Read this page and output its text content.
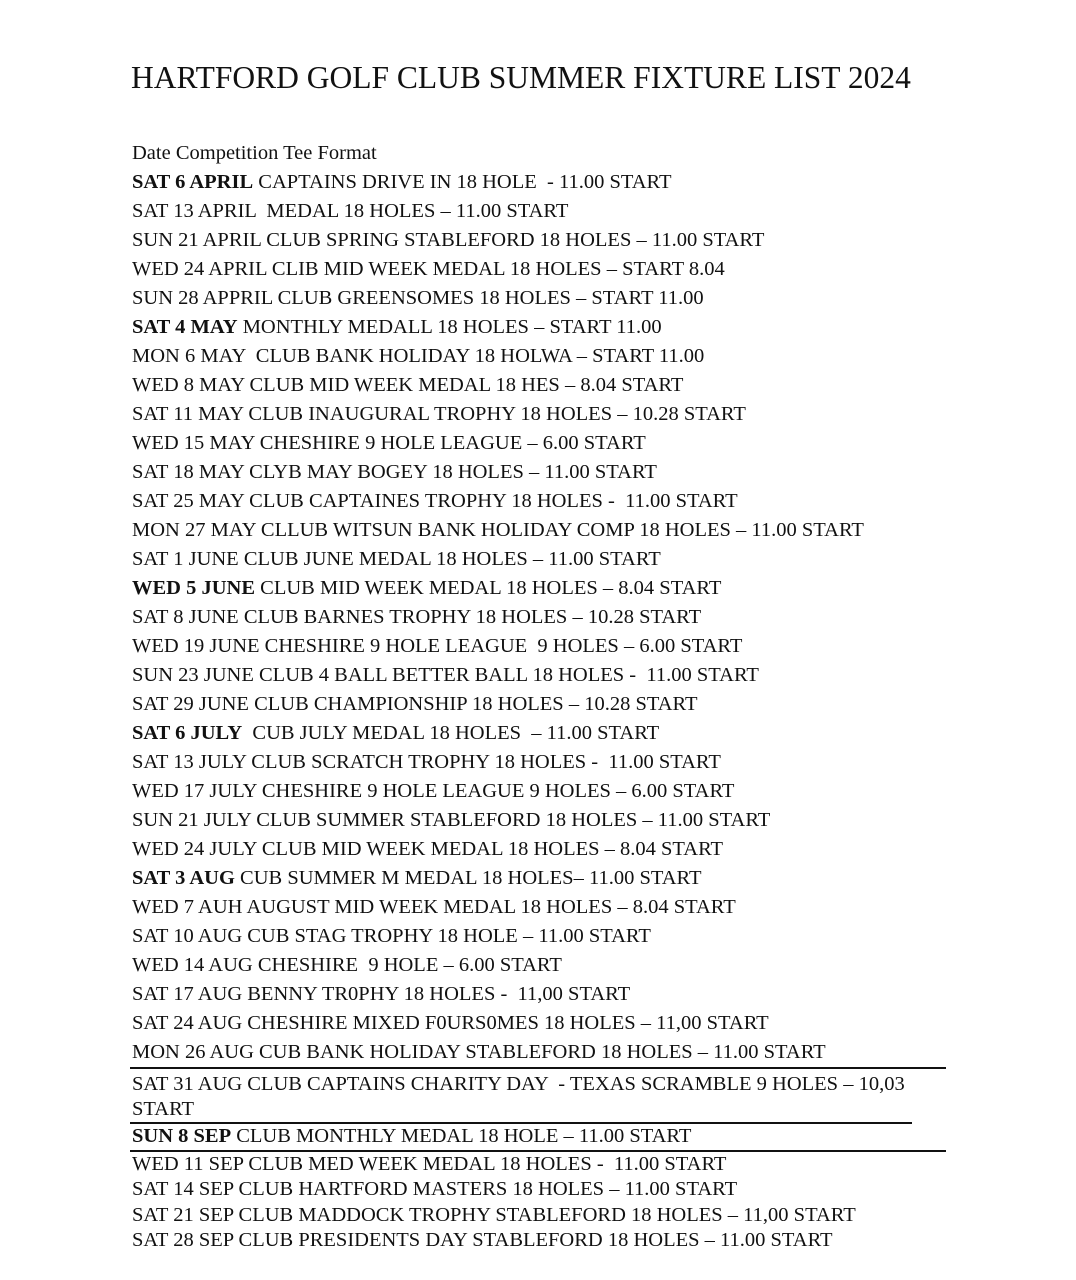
HARTFORD GOLF CLUB SUMMER FIXTURE LIST 2024
Date Competition Tee Format
SAT 6 APRIL CAPTAINS DRIVE IN 18 HOLE  - 11.00 START
SAT 13 APRIL  MEDAL 18 HOLES – 11.00 START
SUN 21 APRIL CLUB SPRING STABLEFORD 18 HOLES – 11.00 START
WED 24 APRIL CLIB MID WEEK MEDAL 18 HOLES – START 8.04
SUN 28 APPRIL CLUB GREENSOMES 18 HOLES – START 11.00
SAT 4 MAY MONTHLY MEDALL 18 HOLES – START 11.00
MON 6 MAY  CLUB BANK HOLIDAY 18 HOLWA – START 11.00
WED 8 MAY CLUB MID WEEK MEDAL 18 HES – 8.04 START
SAT 11 MAY CLUB INAUGURAL TROPHY 18 HOLES – 10.28 START
WED 15 MAY CHESHIRE 9 HOLE LEAGUE – 6.00 START
SAT 18 MAY CLYB MAY BOGEY 18 HOLES – 11.00 START
SAT 25 MAY CLUB CAPTAINES TROPHY 18 HOLES -  11.00 START
MON 27 MAY CLLUB WITSUN BANK HOLIDAY COMP 18 HOLES – 11.00 START
SAT 1 JUNE CLUB JUNE MEDAL 18 HOLES – 11.00 START
WED 5 JUNE CLUB MID WEEK MEDAL 18 HOLES – 8.04 START
SAT 8 JUNE CLUB BARNES TROPHY 18 HOLES – 10.28 START
WED 19 JUNE CHESHIRE 9 HOLE LEAGUE  9 HOLES – 6.00 START
SUN 23 JUNE CLUB 4 BALL BETTER BALL 18 HOLES -  11.00 START
SAT 29 JUNE CLUB CHAMPIONSHIP 18 HOLES – 10.28 START
SAT 6 JULY  CUB JULY MEDAL 18 HOLES  – 11.00 START
SAT 13 JULY CLUB SCRATCH TROPHY 18 HOLES -  11.00 START
WED 17 JULY CHESHIRE 9 HOLE LEAGUE 9 HOLES – 6.00 START
SUN 21 JULY CLUB SUMMER STABLEFORD 18 HOLES – 11.00 START
WED 24 JULY CLUB MID WEEK MEDAL 18 HOLES – 8.04 START
SAT 3 AUG CUB SUMMER M MEDAL 18 HOLES– 11.00 START
WED 7 AUH AUGUST MID WEEK MEDAL 18 HOLES – 8.04 START
SAT 10 AUG CUB STAG TROPHY 18 HOLE – 11.00 START
WED 14 AUG CHESHIRE  9 HOLE – 6.00 START
SAT 17 AUG BENNY TR0PHY 18 HOLES -  11,00 START
SAT 24 AUG CHESHIRE MIXED F0URS0MES 18 HOLES – 11,00 START
MON 26 AUG CUB BANK HOLIDAY STABLEFORD 18 HOLES – 11.00 START
SAT 31 AUG CLUB CAPTAINS CHARITY DAY  - TEXAS SCRAMBLE 9 HOLES – 10,03 START
SUN 8 SEP CLUB MONTHLY MEDAL 18 HOLE – 11.00 START
WED 11 SEP CLUB MED WEEK MEDAL 18 HOLES -  11.00 START
SAT 14 SEP CLUB HARTFORD MASTERS 18 HOLES – 11.00 START
SAT 21 SEP CLUB MADDOCK TROPHY STABLEFORD 18 HOLES – 11,00 START
SAT 28 SEP CLUB PRESIDENTS DAY STABLEFORD 18 HOLES – 11.00 START
